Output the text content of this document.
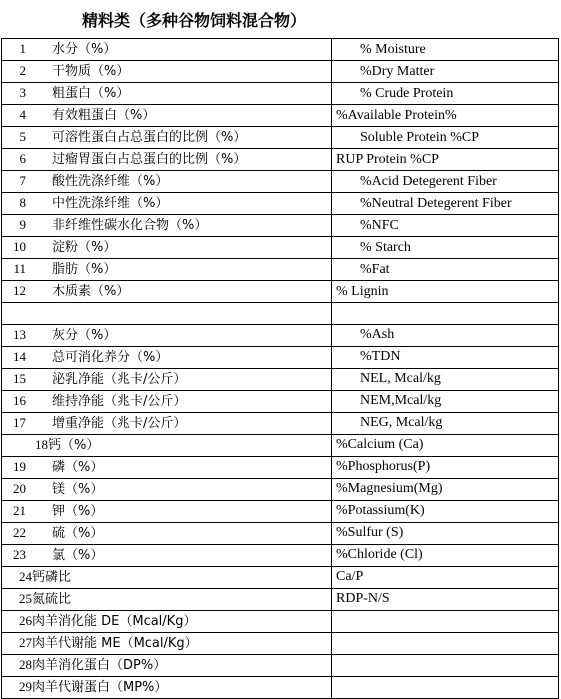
精料类（多种谷物饲料混合物）
1 水分（%）	% Moisture
2 干物质（%）	%Dry Matter
3 粗蛋白（%）	% Crude Protein
4 有效粗蛋白（%）	%Available Protein%
5 可溶性蛋白占总蛋白的比例（%）	Soluble Protein %CP
6 过瘤胃蛋白占总蛋白的比例（%）	RUP Protein %CP
7 酸性洗涤纤维（%）	%Acid Detegerent Fiber
8 中性洗涤纤维（%）	%Neutral Detegerent Fiber
9 非纤维性碳水化合物（%）	%NFC
10 淀粉（%）	% Starch
11 脂肪（%）	%Fat
12 木质素（%）	% Lignin

13 灰分（%）	%Ash
14 总可消化养分（%）	%TDN
15 泌乳净能（兆卡/公斤）	NEL, Mcal/kg
16 维持净能（兆卡/公斤）	NEM,Mcal/kg
17 增重净能（兆卡/公斤）	NEG, Mcal/kg
18钙（%）	%Calcium (Ca)
19 磷（%）	%Phosphorus(P)
20 镁（%）	%Magnesium(Mg)
21 钾（%）	%Potassium(K)
22 硫（%）	%Sulfur (S)
23 氯（%）	%Chloride (Cl)
24钙磷比	Ca/P
25氮硫比	RDP-N/S
26肉羊消化能 DE（Mcal/Kg）	
27肉羊代谢能 ME（Mcal/Kg）	
28肉羊消化蛋白（DP%）	
29肉羊代谢蛋白（MP%）	
